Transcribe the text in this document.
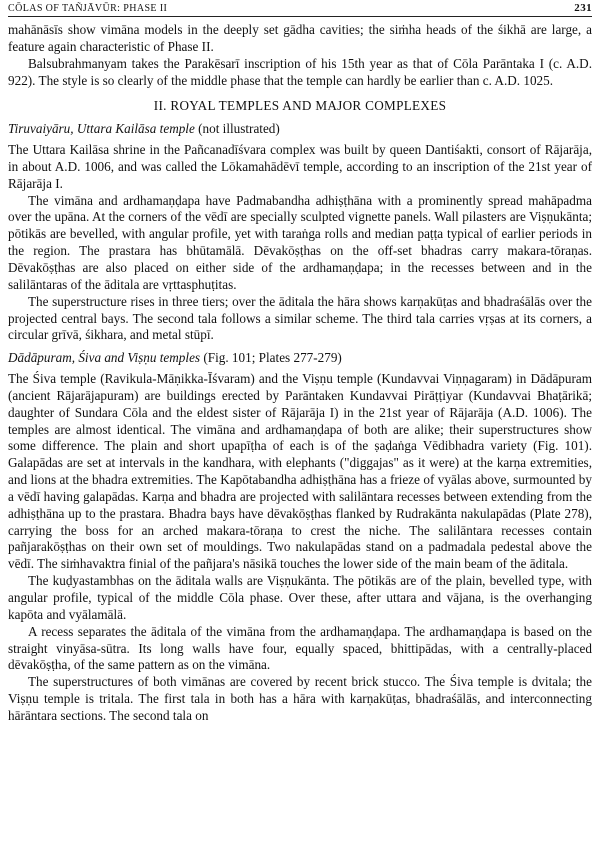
CŌLAS OF TAÑJĀVŪR: PHASE II	231

mahānāsīs show vimāna models in the deeply set gādha cavities; the siṁha heads of the śikhā are large, a feature again characteristic of Phase II.

Balsubrahmanyam takes the Parakēsarī inscription of his 15th year as that of Cōla Parāntaka I (c. A.D. 922). The style is so clearly of the middle phase that the temple can hardly be earlier than c. A.D. 1025.

II. ROYAL TEMPLES AND MAJOR COMPLEXES

Tiruvaiyāru, Uttara Kailāsa temple (not illustrated)

The Uttara Kailāsa shrine in the Pañcanadīśvara complex was built by queen Dantiśakti, consort of Rājarāja, in about A.D. 1006, and was called the Lōkamahādēvī temple, according to an inscription of the 21st year of Rājarāja I.

The vimāna and ardhamaṇḍapa have Padmabandha adhiṣṭhāna with a prominently spread mahāpadma over the upāna. At the corners of the vēdī are specially sculpted vignette panels. Wall pilasters are Viṣṇukānta; pōtikās are bevelled, with angular profile, yet with taraṅga rolls and median paṭṭa typical of earlier periods in the region. The prastara has bhūtamālā. Dēvakōṣṭhas on the off-set bhadras carry makara-tōraṇas. Dēvakōṣṭhas are also placed on either side of the ardhamaṇḍapa; in the recesses between and in the salilāntaras of the āditala are vṛttasphuṭitas.

The superstructure rises in three tiers; over the āditala the hāra shows karṇakūṭas and bhadraśālās over the projected central bays. The second tala follows a similar scheme. The third tala carries vṛṣas at its corners, a circular grīvā, śikhara, and metal stūpī.

Dādāpuram, Śiva and Viṣṇu temples (Fig. 101; Plates 277-279)

The Śiva temple (Ravikula-Māṇikka-Īśvaram) and the Viṣṇu temple (Kundavvai Viṇṇagaram) in Dādāpuram (ancient Rājarājapuram) are buildings erected by Parāntaken Kundavvai Pirāṭṭiyar (Kundavvai Bhaṭārikā; daughter of Sundara Cōla and the eldest sister of Rājarāja I) in the 21st year of Rājarāja (A.D. 1006). The temples are almost identical. The vimāna and ardhamaṇḍapa of both are alike; their superstructures show some difference. The plain and short upapīṭha of each is of the ṣaḍaṅga Vēdibhadra variety (Fig. 101). Galapādas are set at intervals in the kandhara, with elephants ("diggajas" as it were) at the karṇa extremities, and lions at the bhadra extremities. The Kapōtabandha adhiṣṭhāna has a frieze of vyālas above, surmounted by a vēdī having galapādas. Karṇa and bhadra are projected with salilāntara recesses between extending from the adhiṣṭhāna up to the prastara. Bhadra bays have dēvakōṣṭhas flanked by Rudrakānta nakulapādas (Plate 278), carrying the boss for an arched makara-tōraṇa to crest the niche. The salilāntara recesses contain pañjarakōṣṭhas on their own set of mouldings. Two nakulapādas stand on a padmadala pedestal above the vēdī. The siṁhavaktra finial of the pañjara's nāsikā touches the lower side of the main beam of the āditala.

The kuḍyastambhas on the āditala walls are Viṣṇukānta. The pōtikās are of the plain, bevelled type, with angular profile, typical of the middle Cōla phase. Over these, after uttara and vājana, is the overhanging kapōta and vyālamālā.

A recess separates the āditala of the vimāna from the ardhamaṇḍapa. The ardhamaṇḍapa is based on the straight vinyāsa-sūtra. Its long walls have four, equally spaced, bhittipādas, with a centrally-placed dēvakōṣṭha, of the same pattern as on the vimāna.

The superstructures of both vimānas are covered by recent brick stucco. The Śiva temple is dvitala; the Viṣṇu temple is tritala. The first tala in both has a hāra with karṇakūṭas, bhadraśālās, and interconnecting hārāntara sections. The second tala on
